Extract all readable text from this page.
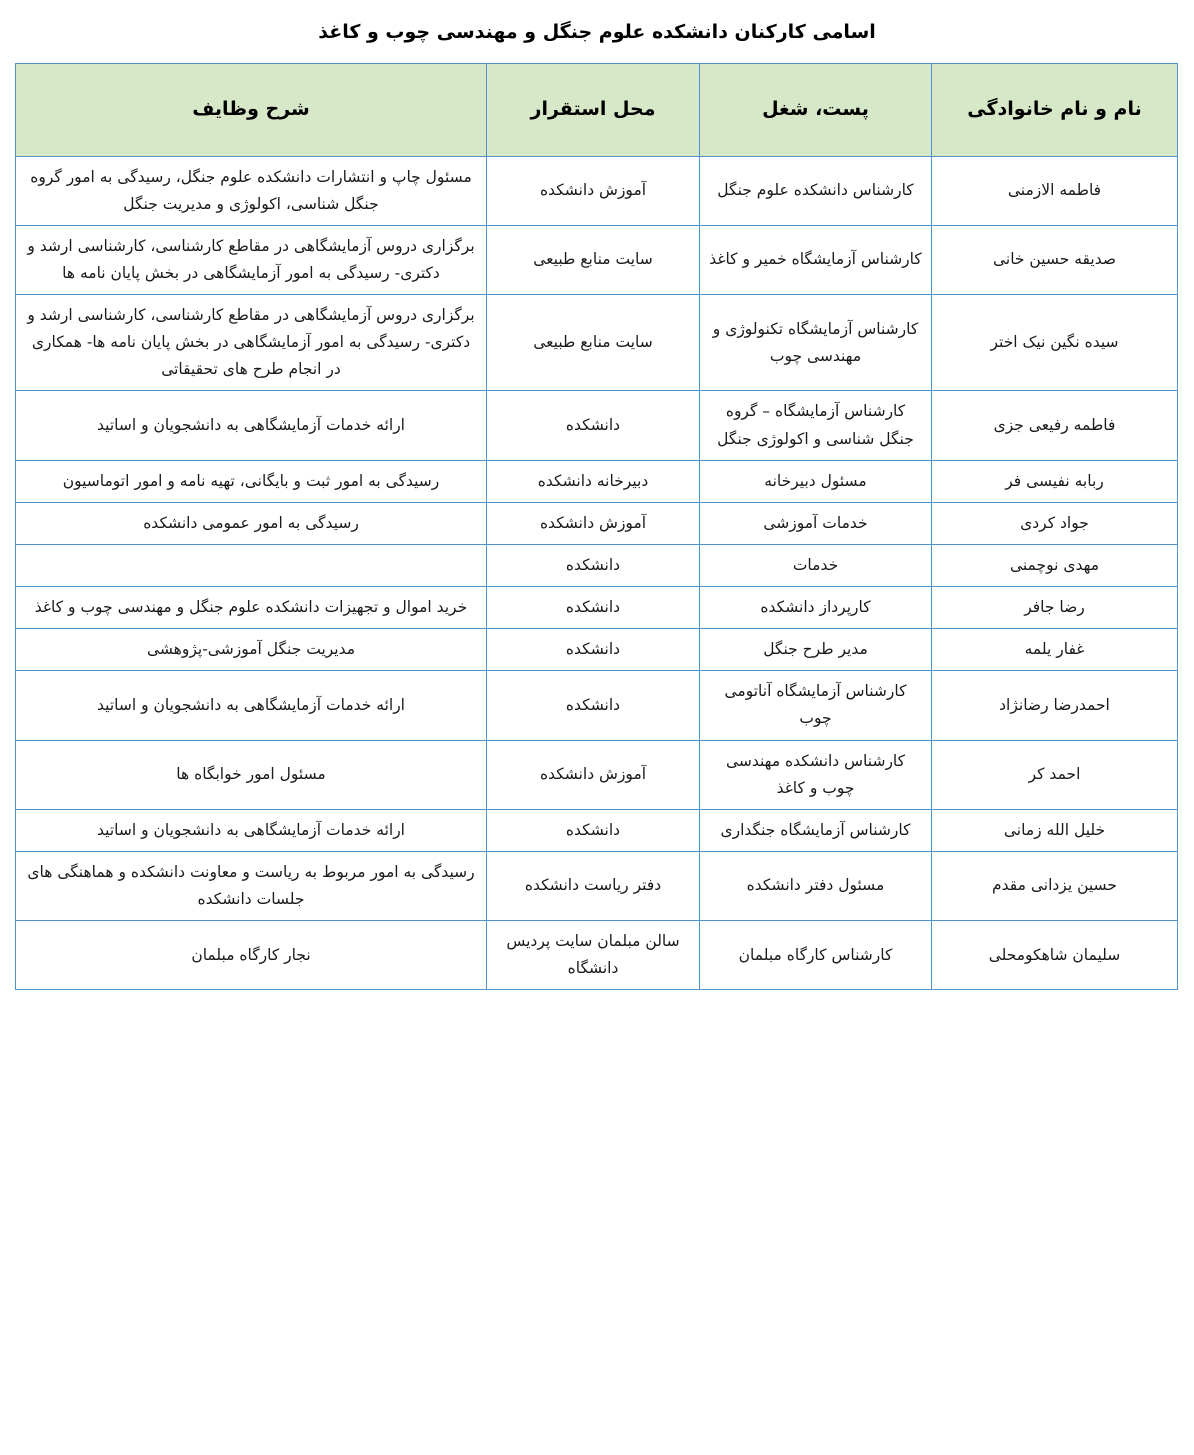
اسامی کارکنان دانشکده علوم جنگل و مهندسی چوب و کاغذ
نام و نام خانوادگی	پست، شغل	محل استقرار	شرح وظایف
فاطمه الازمنی	کارشناس دانشکده علوم جنگل	آموزش دانشکده	مسئول چاپ و انتشارات دانشکده علوم جنگل، رسیدگی به امور گروه جنگل شناسی، اکولوژی و مدیریت جنگل
صدیقه حسین خانی	کارشناس آزمایشگاه خمیر و کاغذ	سایت منابع طبیعی	برگزاری دروس آزمایشگاهی در مقاطع کارشناسی، کارشناسی ارشد و دکتری- رسیدگی به امور آزمایشگاهی در بخش پایان نامه ها
سیده نگین نیک اختر	کارشناس آزمایشگاه تکنولوژی و مهندسی چوب	سایت منابع طبیعی	برگزاری دروس آزمایشگاهی در مقاطع کارشناسی، کارشناسی ارشد و دکتری- رسیدگی به امور آزمایشگاهی در بخش پایان نامه ها- همکاری در انجام طرح های تحقیقاتی
فاطمه رفیعی جزی	کارشناس آزمایشگاه – گروه جنگل شناسی و اکولوژی جنگل	دانشکده	ارائه خدمات آزمایشگاهی به دانشجویان و اساتید
ربابه نفیسی فر	مسئول دبیرخانه	دبیرخانه دانشکده	رسیدگی به امور ثبت و بایگانی، تهیه نامه و امور اتوماسیون
جواد کردی	خدمات آموزشی	آموزش دانشکده	رسیدگی به امور عمومی دانشکده
مهدی نوچمنی	خدمات	دانشکده	
رضا جافر	کارپرداز دانشکده	دانشکده	خرید اموال و تجهیزات دانشکده علوم جنگل و مهندسی چوب و کاغذ
غفار یلمه	مدیر طرح جنگل	دانشکده	مدیریت جنگل آموزشی-پژوهشی
احمدرضا رضانژاد	کارشناس آزمایشگاه آناتومی چوب	دانشکده	ارائه خدمات آزمایشگاهی به دانشجویان و اساتید
احمد کر	کارشناس دانشکده مهندسی چوب و کاغذ	آموزش دانشکده	مسئول امور خوابگاه ها
خلیل الله زمانی	کارشناس آزمایشگاه جنگداری	دانشکده	ارائه خدمات آزمایشگاهی به دانشجویان و اساتید
حسین یزدانی مقدم	مسئول دفتر دانشکده	دفتر ریاست دانشکده	رسیدگی به امور مربوط به ریاست و معاونت دانشکده و هماهنگی های جلسات دانشکده
سلیمان شاهکومحلی	کارشناس کارگاه مبلمان	سالن مبلمان سایت پردیس دانشگاه	نجار کارگاه مبلمان
